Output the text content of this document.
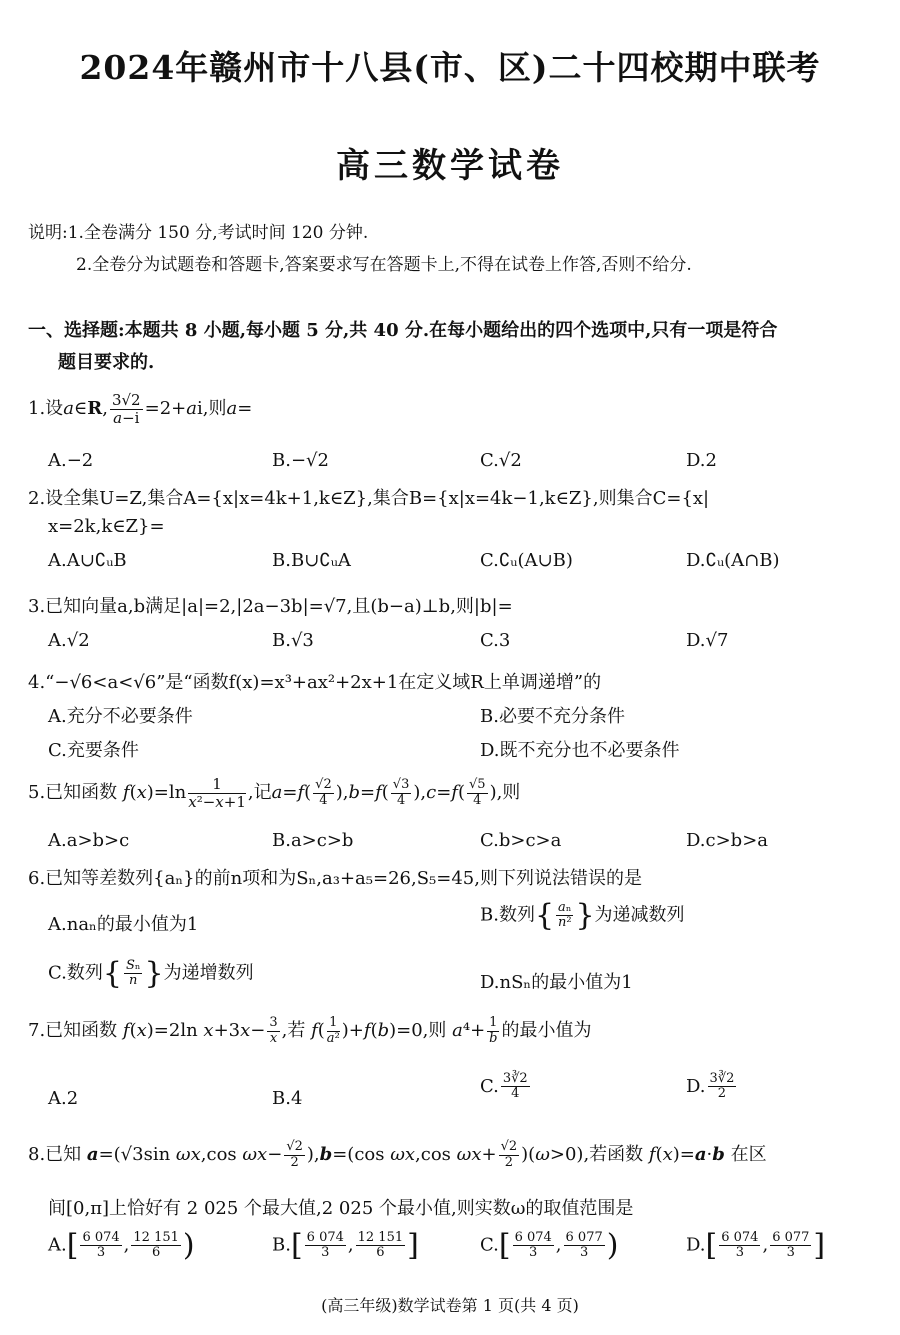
2024年赣州市十八县(市、区)二十四校期中联考
高三数学试卷
说明:1.全卷满分 150 分,考试时间 120 分钟.
2.全卷分为试题卷和答题卡,答案要求写在答题卡上,不得在试卷上作答,否则不给分.
一、选择题:本题共 8 小题,每小题 5 分,共 40 分.在每小题给出的四个选项中,只有一项是符合
题目要求的.
1.设a∈R, $\frac{3√2}{a-i} =2+ai$,则a=
A.−2	B.−√2	C.√2	D.2
2.设全集U=Z,集合A={x|x=4k+1,k∈Z},集合B={x|x=4k−1,k∈Z},则集合C={x|
x=2k,k∈Z}=
A.A∪∁ᵤB	B.B∪∁ᵤA	C.∁ᵤ(A∪B)	D.∁ᵤ(A∩B)
3.已知向量a,b满足|a|=2,|2a−3b|=√7,且(b−a)⊥b,则|b|=
A.√2	B.√3	C.3	D.√7
4.“−√6<a<√6”是“函数f(x)=x³+ax²+2x+1在定义域R上单调递增”的
A.充分不必要条件	B.必要不充分条件
C.充要条件	D.既不充分也不必要条件
5.已知函数 $f(x)=\ln \frac{1}{\text{x²−x+1}}$ ,记$a=f( \frac{√2}{4} ),b=f( \frac{√3}{4} ),c=f( \frac{√5}{4}$ ),则
A.a>b>c	B.a>c>b	C.b>c>a	D.c>b>a
6.已知等差数列{aₙ}的前n项和为Sₙ,a₃+a₅=26,S₅=45,则下列说法错误的是
A.naₙ的最小值为1	B.数列{ $\frac{\text{aₙ}}{\text{n²}}$ }为递减数列
C.数列{ $\frac{\text{Sₙ}}{n}$ }为递增数列	D.nSₙ的最小值为1
7.已知函数 f(x)=2ln $x+3x- \frac{3}{x}$ ,若 $f( \frac{1}{\text{a²}} )+f(b)=0$,则 $a^4+ \frac{1}{b}$ 的最小值为
A.2	B.4
C. $\frac{3∛2}{4}$	D. $\frac{3∛2}{2}$
8.已知 a=(√3sin ωx,cos $\omega x- \frac{√2}{2} ),b=(\cos$ ωx,cos $\omega x+ \frac{√2}{2} )(\omega>0)$,若函数 f(x)=a·b 在区
间[0,π]上恰好有 2 025 个最大值,2 025 个最小值,则实数ω的取值范围是
$A.[ \frac{6 074}{3}$ , $\frac{12 151}{6}$ )	$B.[ \frac{6 074}{3}$ , $\frac{12 151}{6}$ ]	$C.[ \frac{6 074}{3}$ , $\frac{6 077}{3}$ )	$D.[ \frac{6 074}{3}$ , $\frac{6 077}{3}$ ]
(高三年级)数学试卷第 1 页(共 4 页)
